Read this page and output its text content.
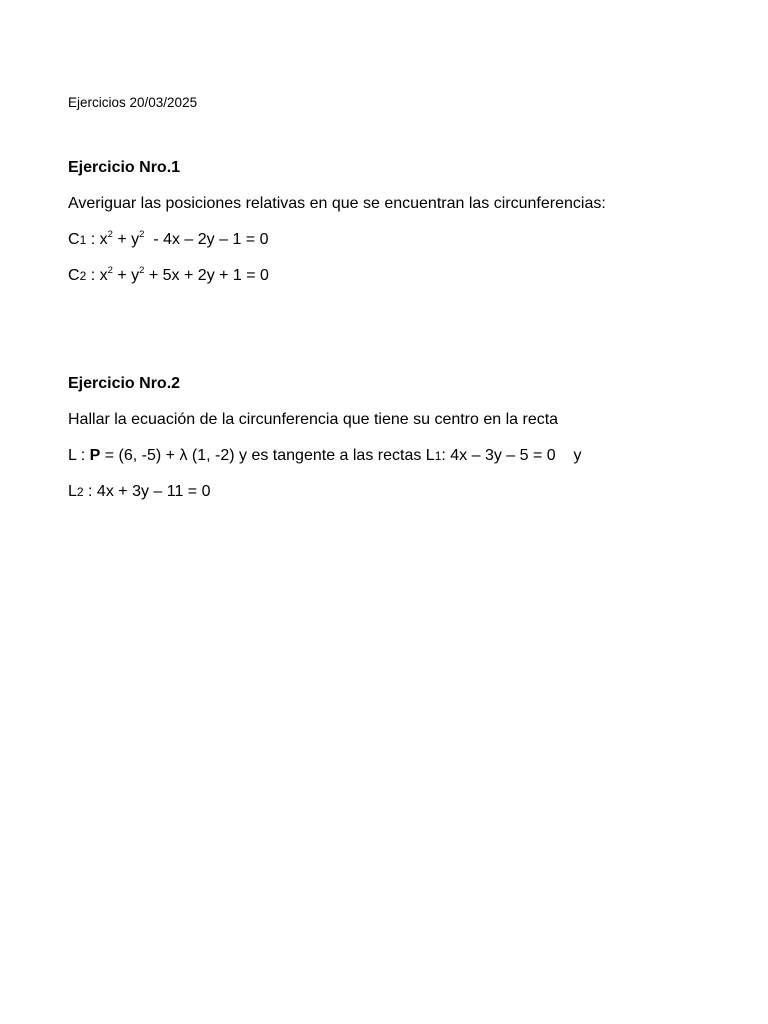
Ejercicios 20/03/2025
Ejercicio Nro.1
Averiguar las posiciones relativas en que se encuentran las circunferencias:
C1 : $x^2 + y^2 - 4x - 2y - 1 = 0$
C2 : $x^2 + y^2 + 5x + 2y + 1 = 0$
Ejercicio Nro.2
Hallar la ecuación de la circunferencia que tiene su centro en la recta
L : P = (6, -5) + λ (1, -2) y es tangente a las rectas L1: 4x – 3y – 5 = 0    y
L2 : 4x + 3y – 11 = 0
